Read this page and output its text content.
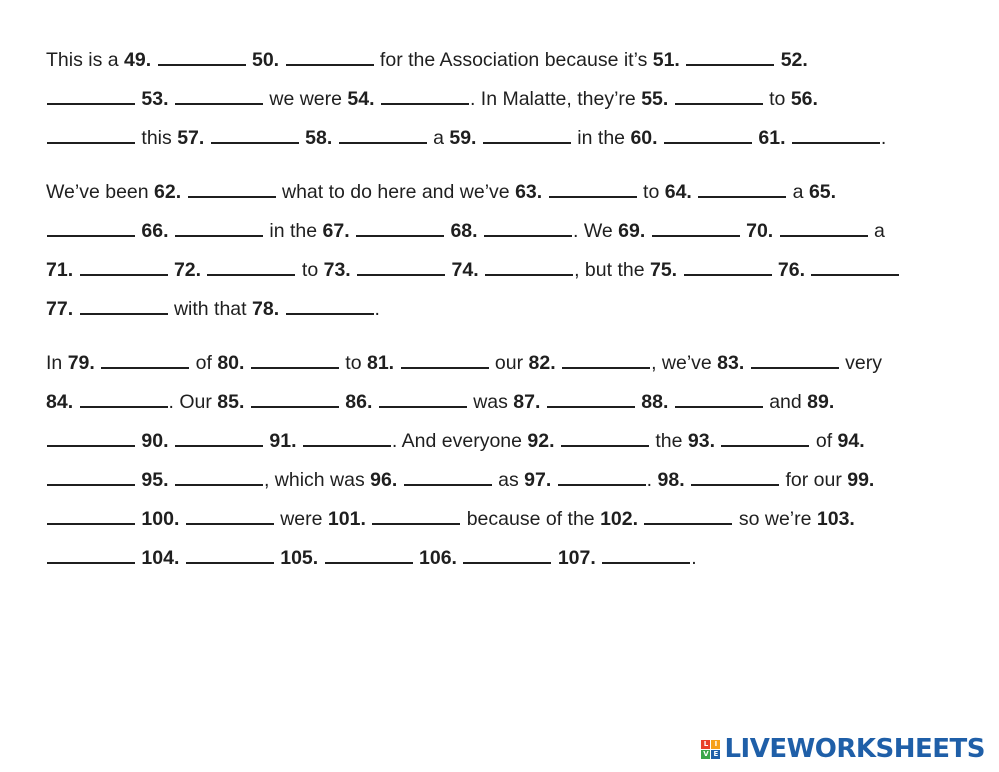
This is a 49.	50.	for the Association because it’s 51.	52.
53.	we were 54.	. In Malatte, they’re 55.	to 56.
this 57.	58.	a 59.	in the 60.	61.	.
We’ve been 62.	what to do here and we’ve 63.	to 64.	a 65.
66.	in the 67.	68.	. We 69.	70.	a
71.	72.	to 73.	74.	, but the 75.	76.
77.	with that 78.	.
In 79.	of 80.	to 81.	our 82.	, we’ve 83.	very
84.	. Our 85.	86.	was 87.	88.	and 89.
90.	91.	. And everyone 92.	the 93.	of 94.
95.	, which was 96.	as 97.	. 98.	for our 99.
100.	were 101.	because of the 102.	so we’re 103.
104.	105.	106.	107.	.
L I
V E LIVEWORKSHEETS
